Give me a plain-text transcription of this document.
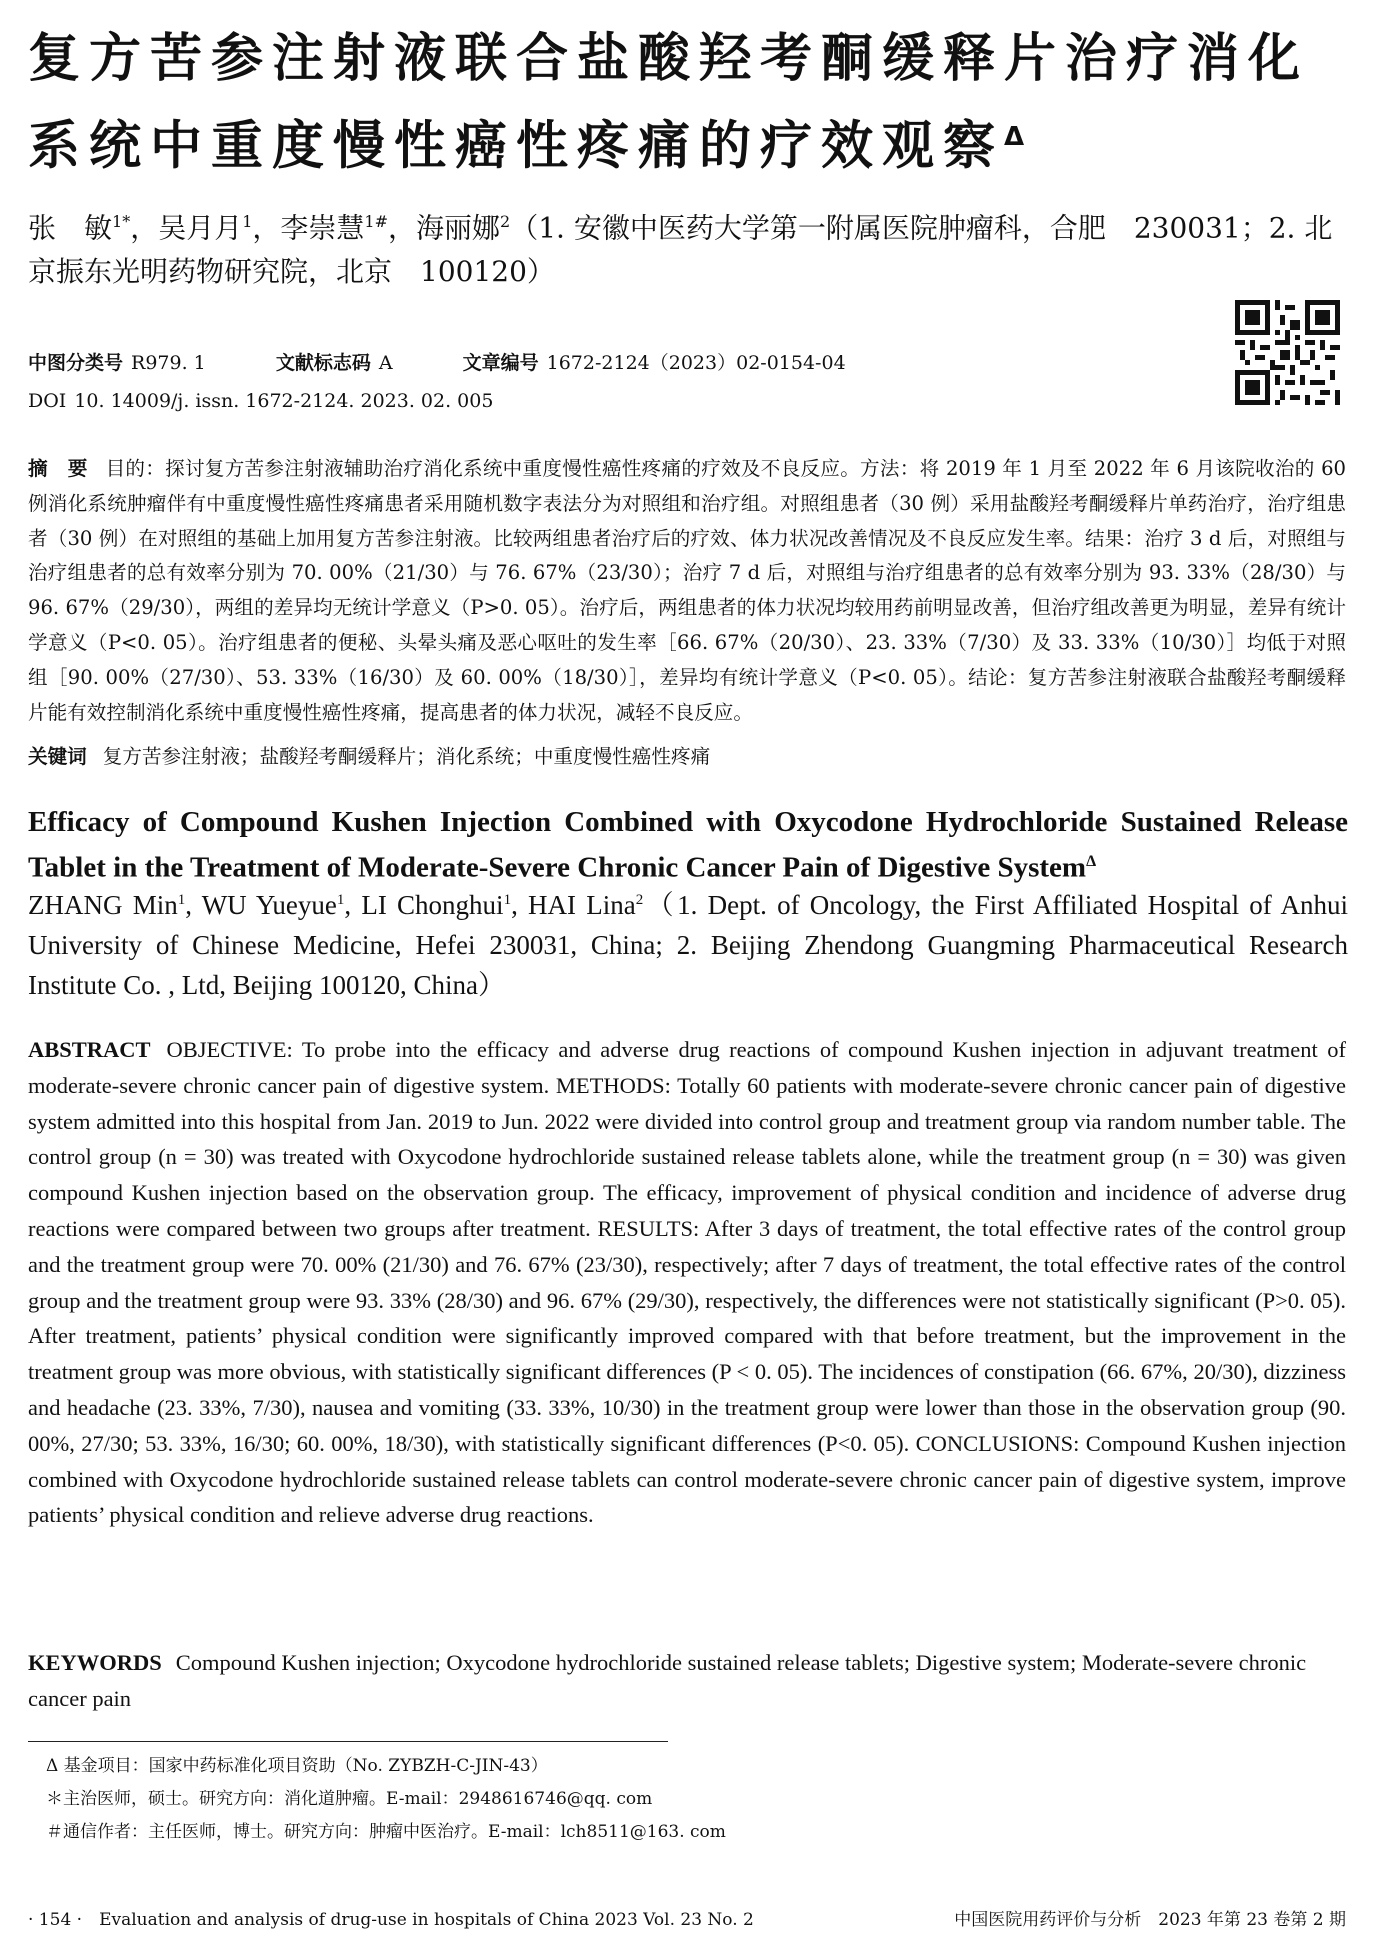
复方苦参注射液联合盐酸羟考酮缓释片治疗消化系统中重度慢性癌性疼痛的疗效观察$^\Delta$
张　敏$^{1*}$，吴月月$^1$，李崇慧$^{1\#}$，海丽娜$^2$（1. 安徽中医药大学第一附属医院肿瘤科，合肥　230031；2. 北京振东光明药物研究院，北京　100120）
中图分类号 R979. 1	文献标志码 A	文章编号 1672-2124（2023）02-0154-04
DOI 10. 14009/j. issn. 1672-2124. 2023. 02. 005
摘　要 目的：探讨复方苦参注射液辅助治疗消化系统中重度慢性癌性疼痛的疗效及不良反应。方法：将 2019 年 1 月至 2022 年 6 月该院收治的 60 例消化系统肿瘤伴有中重度慢性癌性疼痛患者采用随机数字表法分为对照组和治疗组。对照组患者（30 例）采用盐酸羟考酮缓释片单药治疗，治疗组患者（30 例）在对照组的基础上加用复方苦参注射液。比较两组患者治疗后的疗效、体力状况改善情况及不良反应发生率。结果：治疗 3 d 后，对照组与治疗组患者的总有效率分别为 70. 00%（21/30）与 76. 67%（23/30）；治疗 7 d 后，对照组与治疗组患者的总有效率分别为 93. 33%（28/30）与 96. 67%（29/30），两组的差异均无统计学意义（P>0. 05）。治疗后，两组患者的体力状况均较用药前明显改善，但治疗组改善更为明显，差异有统计学意义（P<0. 05）。治疗组患者的便秘、头晕头痛及恶心呕吐的发生率［66. 67%（20/30）、23. 33%（7/30）及 33. 33%（10/30）］均低于对照组［90. 00%（27/30）、53. 33%（16/30）及 60. 00%（18/30）］，差异均有统计学意义（P<0. 05）。结论：复方苦参注射液联合盐酸羟考酮缓释片能有效控制消化系统中重度慢性癌性疼痛，提高患者的体力状况，减轻不良反应。
关键词 复方苦参注射液；盐酸羟考酮缓释片；消化系统；中重度慢性癌性疼痛
Efficacy of Compound Kushen Injection Combined with Oxycodone Hydrochloride Sustained Release Tablet in the Treatment of Moderate-Severe Chronic Cancer Pain of Digestive System$^\Delta$
ZHANG Min$^1$, WU Yueyue$^1$, LI Chonghui$^1$, HAI Lina$^2$（1. Dept. of Oncology, the First Affiliated Hospital of Anhui University of Chinese Medicine, Hefei 230031, China; 2. Beijing Zhendong Guangming Pharmaceutical Research Institute Co. , Ltd, Beijing 100120, China）
ABSTRACT OBJECTIVE: To probe into the efficacy and adverse drug reactions of compound Kushen injection in adjuvant treatment of moderate-severe chronic cancer pain of digestive system. METHODS: Totally 60 patients with moderate-severe chronic cancer pain of digestive system admitted into this hospital from Jan. 2019 to Jun. 2022 were divided into control group and treatment group via random number table. The control group (n = 30) was treated with Oxycodone hydrochloride sustained release tablets alone, while the treatment group (n = 30) was given compound Kushen injection based on the observation group. The efficacy, improvement of physical condition and incidence of adverse drug reactions were compared between two groups after treatment. RESULTS: After 3 days of treatment, the total effective rates of the control group and the treatment group were 70. 00% (21/30) and 76. 67% (23/30), respectively; after 7 days of treatment, the total effective rates of the control group and the treatment group were 93. 33% (28/30) and 96. 67% (29/30), respectively, the differences were not statistically significant (P>0. 05). After treatment, patients’ physical condition were significantly improved compared with that before treatment, but the improvement in the treatment group was more obvious, with statistically significant differences (P < 0. 05). The incidences of constipation (66. 67%, 20/30), dizziness and headache (23. 33%, 7/30), nausea and vomiting (33. 33%, 10/30) in the treatment group were lower than those in the observation group (90. 00%, 27/30; 53. 33%, 16/30; 60. 00%, 18/30), with statistically significant differences (P<0. 05). CONCLUSIONS: Compound Kushen injection combined with Oxycodone hydrochloride sustained release tablets can control moderate-severe chronic cancer pain of digestive system, improve patients’ physical condition and relieve adverse drug reactions.
KEYWORDS Compound Kushen injection; Oxycodone hydrochloride sustained release tablets; Digestive system; Moderate-severe chronic cancer pain
Δ 基金项目：国家中药标准化项目资助（No. ZYBZH-C-JIN-43）
＊主治医师，硕士。研究方向：消化道肿瘤。E-mail：2948616746@qq. com
＃通信作者：主任医师，博士。研究方向：肿瘤中医治疗。E-mail：lch8511@163. com
· 154 ·　Evaluation and analysis of drug-use in hospitals of China 2023 Vol. 23 No. 2	中国医院用药评价与分析　2023 年第 23 卷第 2 期
